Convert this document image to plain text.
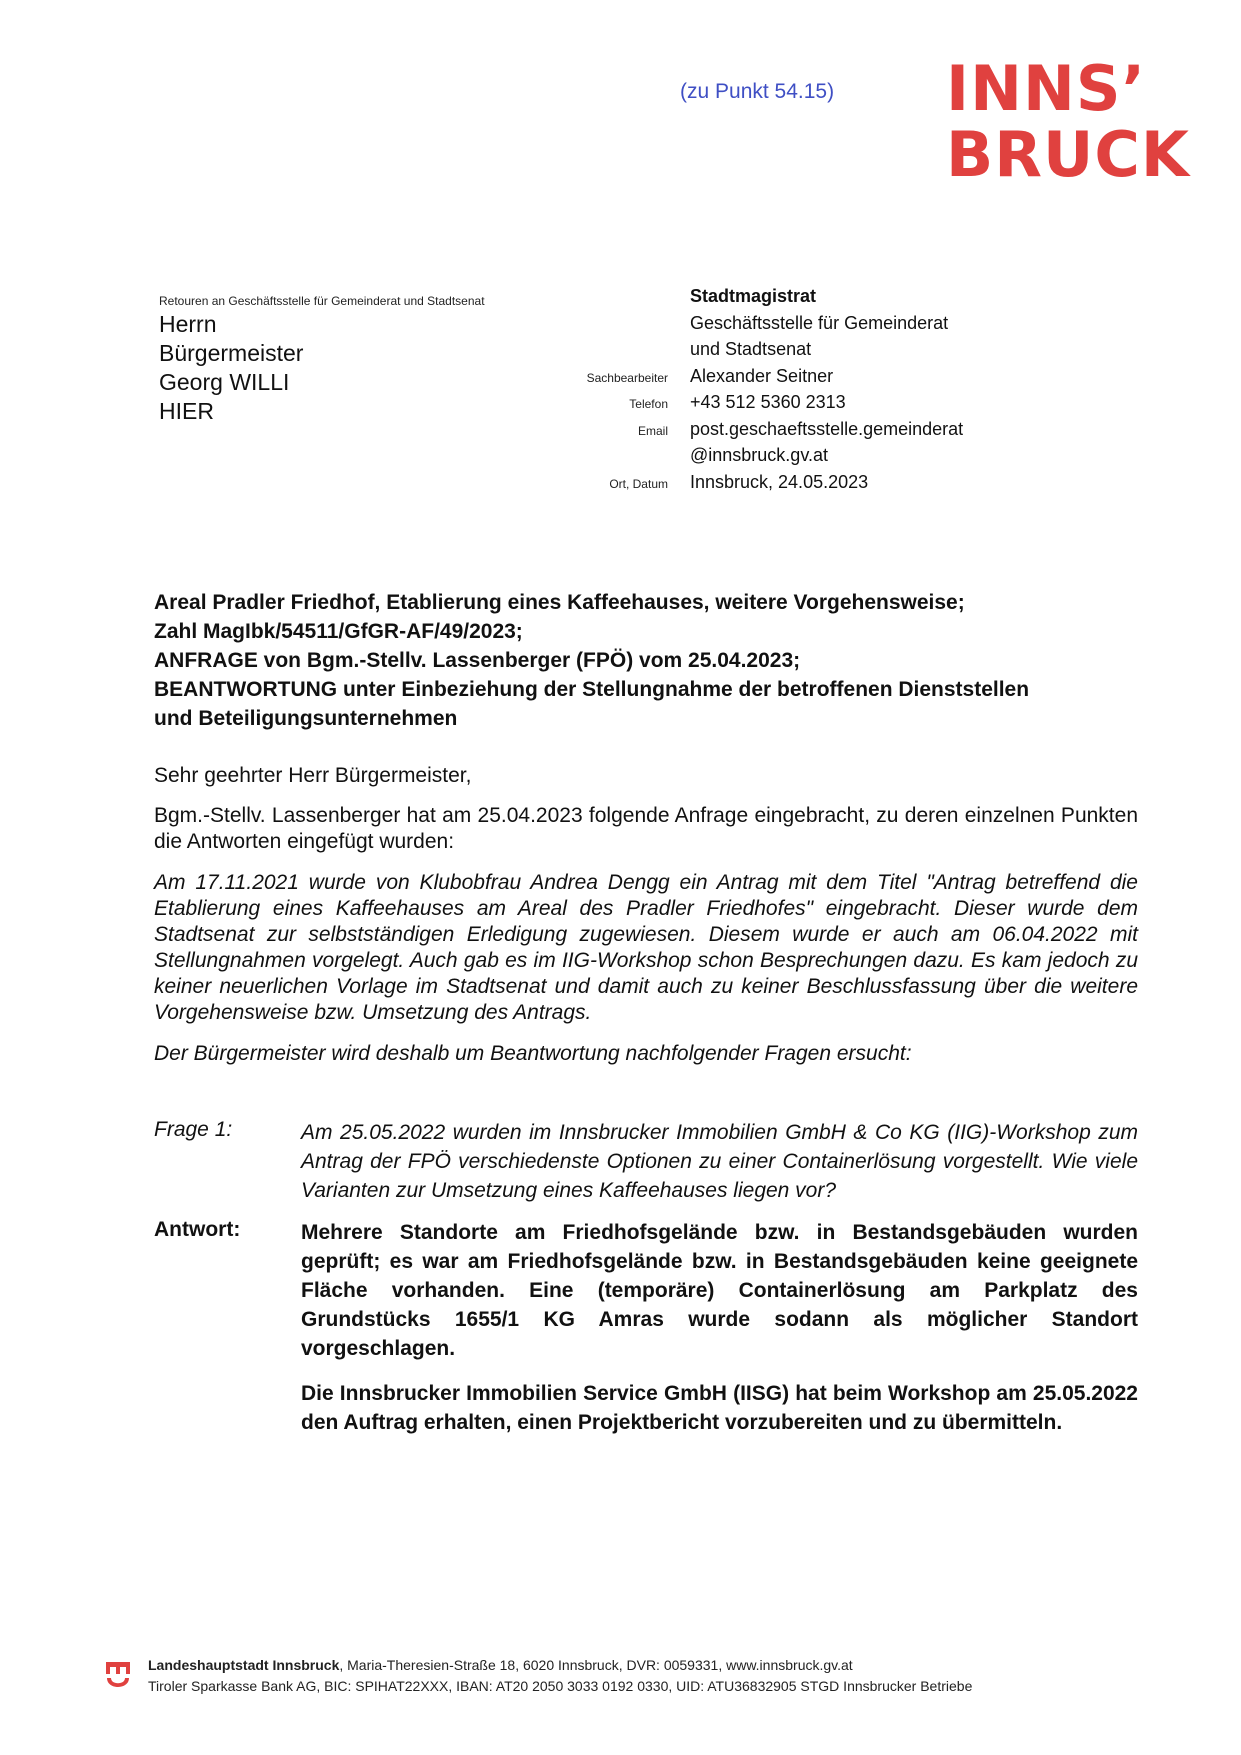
(zu Punkt 54.15) INNS’
BRUCK
Retouren an Geschäftsstelle für Gemeinderat und Stadtsenat
Herrn
Bürgermeister
Georg WILLI
HIER
Stadtmagistrat
Geschäftsstelle für Gemeinderat
und Stadtsenat
Sachbearbeiter	Alexander Seitner
Telefon	+43 512 5360 2313
Email	post.geschaeftsstelle.gemeinderat
@innsbruck.gv.at
Ort, Datum	Innsbruck, 24.05.2023
Areal Pradler Friedhof, Etablierung eines Kaffeehauses, weitere Vorgehensweise;
Zahl MagIbk/54511/GfGR-AF/49/2023;
ANFRAGE von Bgm.-Stellv. Lassenberger (FPÖ) vom 25.04.2023;
BEANTWORTUNG unter Einbeziehung der Stellungnahme der betroffenen Dienststellen
und Beteiligungsunternehmen
Sehr geehrter Herr Bürgermeister,
Bgm.-Stellv. Lassenberger hat am 25.04.2023 folgende Anfrage eingebracht, zu deren einzelnen Punkten die Antworten eingefügt wurden:
Am 17.11.2021 wurde von Klubobfrau Andrea Dengg ein Antrag mit dem Titel "Antrag betreffend die Etablierung eines Kaffeehauses am Areal des Pradler Friedhofes" eingebracht. Dieser wurde dem Stadtsenat zur selbstständigen Erledigung zugewiesen. Diesem wurde er auch am 06.04.2022 mit Stellungnahmen vorgelegt. Auch gab es im IIG-Workshop schon Besprechungen dazu. Es kam jedoch zu keiner neuerlichen Vorlage im Stadtsenat und damit auch zu keiner Beschlussfassung über die weitere Vorgehensweise bzw. Umsetzung des Antrags.
Der Bürgermeister wird deshalb um Beantwortung nachfolgender Fragen ersucht:
Frage 1:	Am 25.05.2022 wurden im Innsbrucker Immobilien GmbH & Co KG (IIG)-Workshop zum Antrag der FPÖ verschiedenste Optionen zu einer Containerlösung vorgestellt. Wie viele Varianten zur Umsetzung eines Kaffeehauses liegen vor?
Antwort:	Mehrere Standorte am Friedhofsgelände bzw. in Bestandsgebäuden wurden geprüft; es war am Friedhofsgelände bzw. in Bestandsgebäuden keine geeignete Fläche vorhanden. Eine (temporäre) Containerlösung am Parkplatz des Grundstücks 1655/1 KG Amras wurde sodann als möglicher Standort vorgeschlagen.
Die Innsbrucker Immobilien Service GmbH (IISG) hat beim Workshop am 25.05.2022 den Auftrag erhalten, einen Projektbericht vorzubereiten und zu übermitteln.
Landeshauptstadt Innsbruck, Maria-Theresien-Straße 18, 6020 Innsbruck, DVR: 0059331, www.innsbruck.gv.at
Tiroler Sparkasse Bank AG, BIC: SPIHAT22XXX, IBAN: AT20 2050 3033 0192 0330, UID: ATU36832905 STGD Innsbrucker Betriebe
